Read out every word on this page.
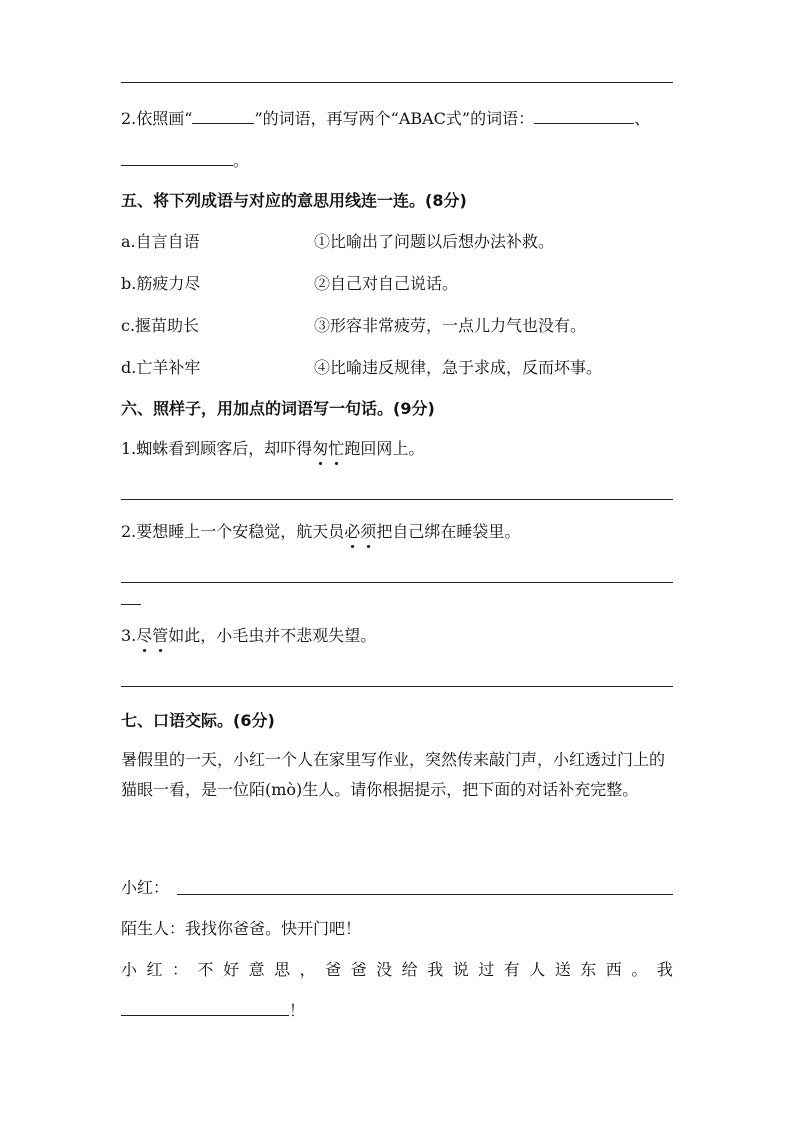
2.依照画“	”的词语，再写两个“ABAC式”的词语：	、
。
五、将下列成语与对应的意思用线连一连。(8分)
a.自言自语	①比喻出了问题以后想办法补救。
b.筋疲力尽	②自己对自己说话。
c.揠苗助长	③形容非常疲劳，一点儿力气也没有。
d.亡羊补牢	④比喻违反规律，急于求成，反而坏事。
六、照样子，用加点的词语写一句话。(9分)
1.蜘蛛看到顾客后，却吓得匆忙跑回网上。
2.要想睡上一个安稳觉，航天员必须把自己绑在睡袋里。
3.尽管如此，小毛虫并不悲观失望。
七、口语交际。(6分)
暑假里的一天，小红一个人在家里写作业，突然传来敲门声，小红透过门上的猫眼一看，是一位陌(mò)生人。请你根据提示，把下面的对话补充完整。
小红：
陌生人：我找你爸爸。快开门吧！
小 红 ： 不 好 意 思 ， 爸 爸 没 给 我 说 过 有 人 送 东 西 。 我
！
